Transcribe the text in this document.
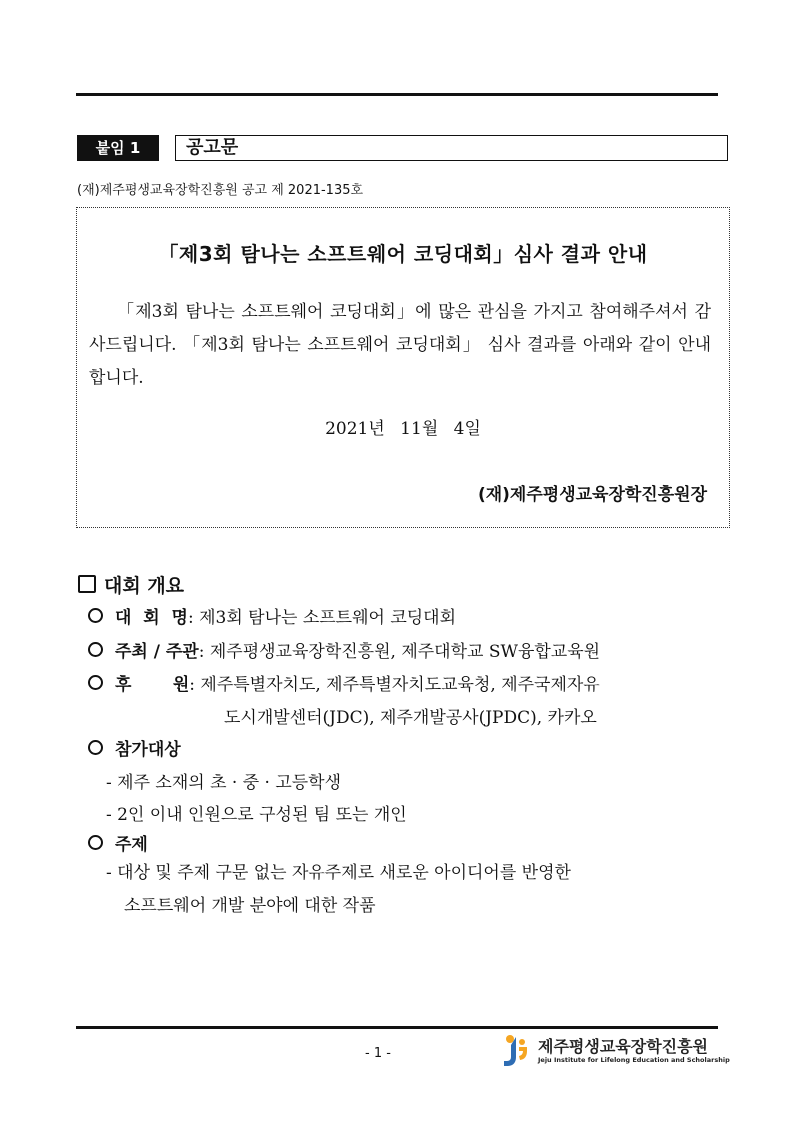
붙임 1	공고문
(재)제주평생교육장학진흥원 공고 제 2021-135호
「제3회 탐나는 소프트웨어 코딩대회」심사 결과 안내
「제3회 탐나는 소프트웨어 코딩대회」에 많은 관심을 가지고 참여해주셔서 감사드립니다. 「제3회 탐나는 소프트웨어 코딩대회」 심사 결과를 아래와 같이 안내합니다.
2021년 11월 4일
(재)제주평생교육장학진흥원장
대회 개요
대  회  명: 제3회 탐나는 소프트웨어 코딩대회
주최 / 주관: 제주평생교육장학진흥원, 제주대학교 SW융합교육원
후       원: 제주특별자치도, 제주특별자치도교육청, 제주국제자유
도시개발센터(JDC), 제주개발공사(JPDC), 카카오
참가대상
- 제주 소재의 초 · 중 · 고등학생
- 2인 이내 인원으로 구성된 팀 또는 개인
주제
- 대상 및 주제 구문 없는 자유주제로 새로운 아이디어를 반영한
소프트웨어 개발 분야에 대한 작품
- 1 -	제주평생교육장학진흥원
Jeju Institute for Lifelong Education and Scholarship
